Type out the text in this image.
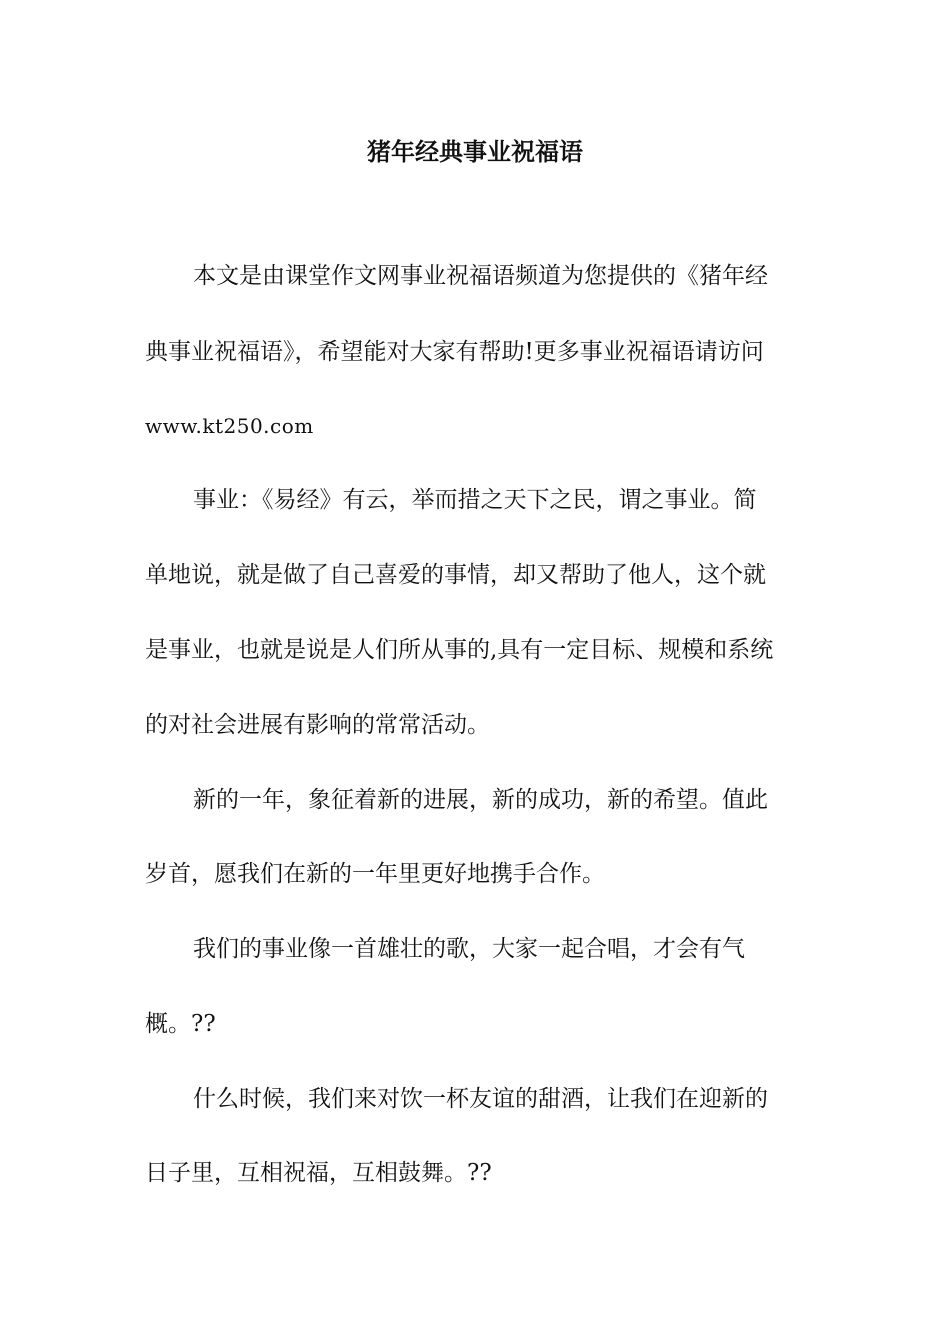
猪年经典事业祝福语
本文是由课堂作文网事业祝福语频道为您提供的《猪年经
典事业祝福语》，希望能对大家有帮助!更多事业祝福语请访问
www.kt250.com
事业：《易经》有云，举而措之天下之民，谓之事业。简
单地说，就是做了自己喜爱的事情，却又帮助了他人，这个就
是事业，也就是说是人们所从事的,具有一定目标、规模和系统
的对社会进展有影响的常常活动。
新的一年，象征着新的进展，新的成功，新的希望。值此
岁首，愿我们在新的一年里更好地携手合作。
我们的事业像一首雄壮的歌，大家一起合唱，才会有气
概。??
什么时候，我们来对饮一杯友谊的甜酒，让我们在迎新的
日子里，互相祝福，互相鼓舞。??
